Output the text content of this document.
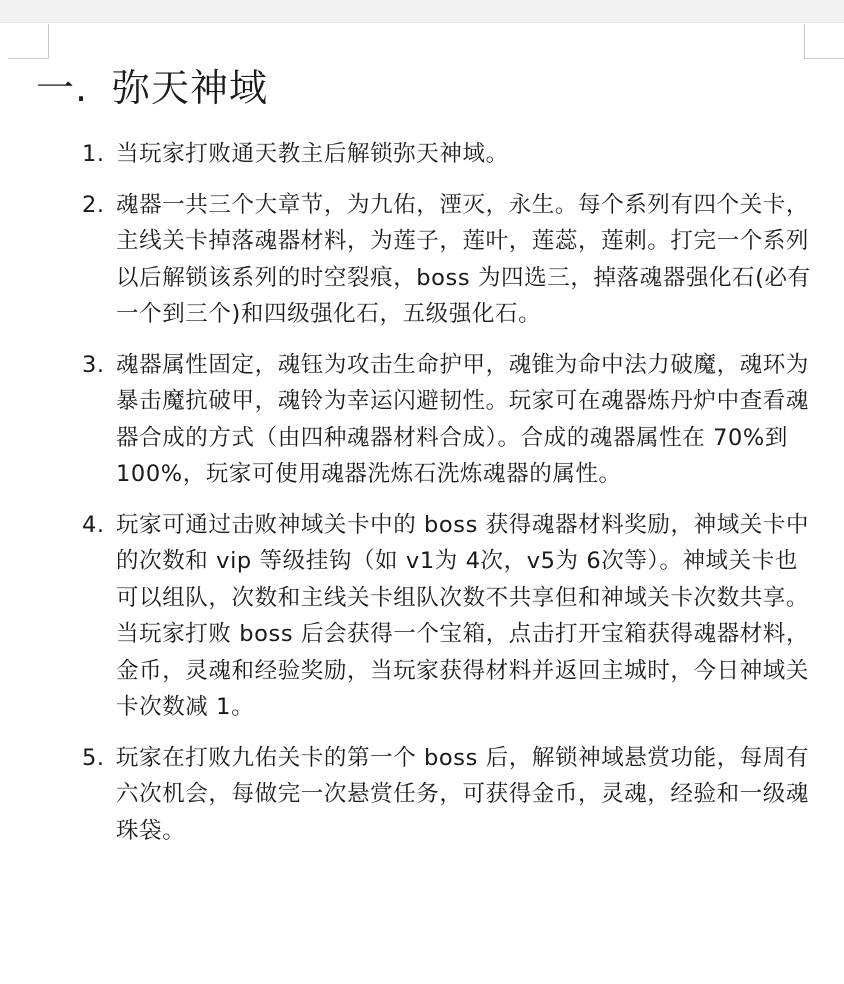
一. 弥天神域
1. 当玩家打败通天教主后解锁弥天神域。
2. 魂器一共三个大章节，为九佑，湮灭，永生。每个系列有四个关卡，主线关卡掉落魂器材料，为莲子，莲叶，莲蕊，莲刺。打完一个系列以后解锁该系列的时空裂痕，boss 为四选三，掉落魂器强化石(必有一个到三个)和四级强化石，五级强化石。
3. 魂器属性固定，魂钰为攻击生命护甲，魂锥为命中法力破魔，魂环为暴击魔抗破甲，魂铃为幸运闪避韧性。玩家可在魂器炼丹炉中查看魂器合成的方式（由四种魂器材料合成）。合成的魂器属性在 70%到 100%，玩家可使用魂器洗炼石洗炼魂器的属性。
4. 玩家可通过击败神域关卡中的 boss 获得魂器材料奖励，神域关卡中的次数和 vip 等级挂钩（如 v1为 4次，v5为 6次等）。神域关卡也可以组队，次数和主线关卡组队次数不共享但和神域关卡次数共享。当玩家打败 boss 后会获得一个宝箱，点击打开宝箱获得魂器材料，金币，灵魂和经验奖励，当玩家获得材料并返回主城时，今日神域关卡次数减 1。
5. 玩家在打败九佑关卡的第一个 boss 后，解锁神域悬赏功能，每周有六次机会，每做完一次悬赏任务，可获得金币，灵魂，经验和一级魂珠袋。
